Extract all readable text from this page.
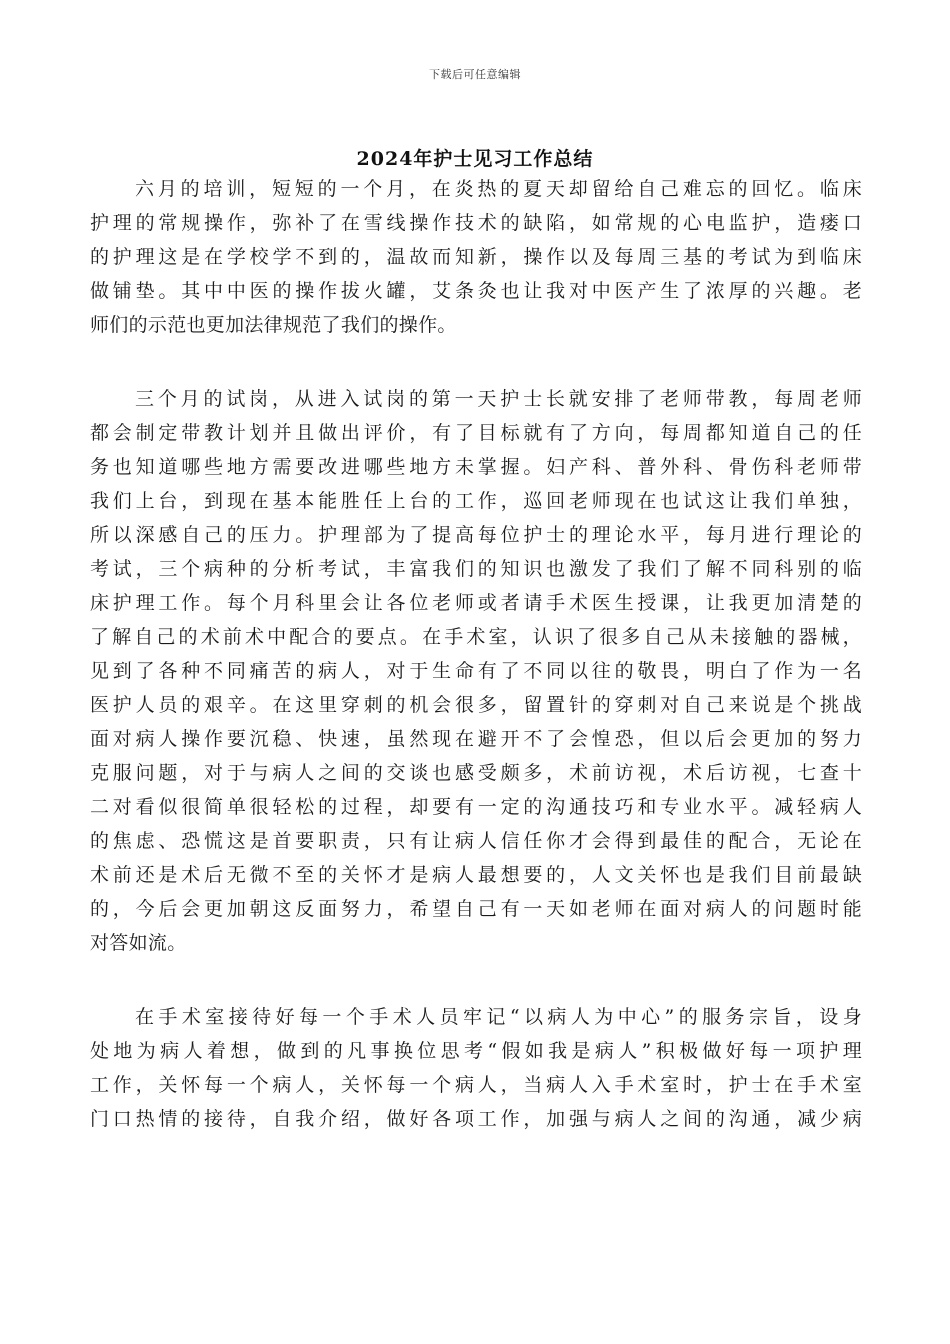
下载后可任意编辑
2024年护士见习工作总结
六月的培训，短短的一个月，在炎热的夏天却留给自己难忘的回忆。临床
护理的常规操作，弥补了在雪线操作技术的缺陷，如常规的心电监护，造瘘口
的护理这是在学校学不到的，温故而知新，操作以及每周三基的考试为到临床
做铺垫。其中中医的操作拔火罐，艾条灸也让我对中医产生了浓厚的兴趣。老
师们的示范也更加法律规范了我们的操作。
三个月的试岗，从进入试岗的第一天护士长就安排了老师带教，每周老师
都会制定带教计划并且做出评价，有了目标就有了方向，每周都知道自己的任
务也知道哪些地方需要改进哪些地方未掌握。妇产科、普外科、骨伤科老师带
我们上台，到现在基本能胜任上台的工作，巡回老师现在也试这让我们单独，
所以深感自己的压力。护理部为了提高每位护士的理论水平，每月进行理论的
考试，三个病种的分析考试，丰富我们的知识也激发了我们了解不同科别的临
床护理工作。每个月科里会让各位老师或者请手术医生授课，让我更加清楚的
了解自己的术前术中配合的要点。在手术室，认识了很多自己从未接触的器械，
见到了各种不同痛苦的病人，对于生命有了不同以往的敬畏，明白了作为一名
医护人员的艰辛。在这里穿刺的机会很多，留置针的穿刺对自己来说是个挑战
面对病人操作要沉稳、快速，虽然现在避开不了会惶恐，但以后会更加的努力
克服问题，对于与病人之间的交谈也感受颇多，术前访视，术后访视，七查十
二对看似很简单很轻松的过程，却要有一定的沟通技巧和专业水平。减轻病人
的焦虑、恐慌这是首要职责，只有让病人信任你才会得到最佳的配合，无论在
术前还是术后无微不至的关怀才是病人最想要的，人文关怀也是我们目前最缺
的，今后会更加朝这反面努力，希望自己有一天如老师在面对病人的问题时能
对答如流。
在手术室接待好每一个手术人员牢记“以病人为中心”的服务宗旨，设身
处地为病人着想，做到的凡事换位思考“假如我是病人”积极做好每一项护理
工作，关怀每一个病人，关怀每一个病人，当病人入手术室时，护士在手术室
门口热情的接待，自我介绍，做好各项工作，加强与病人之间的沟通，减少病
